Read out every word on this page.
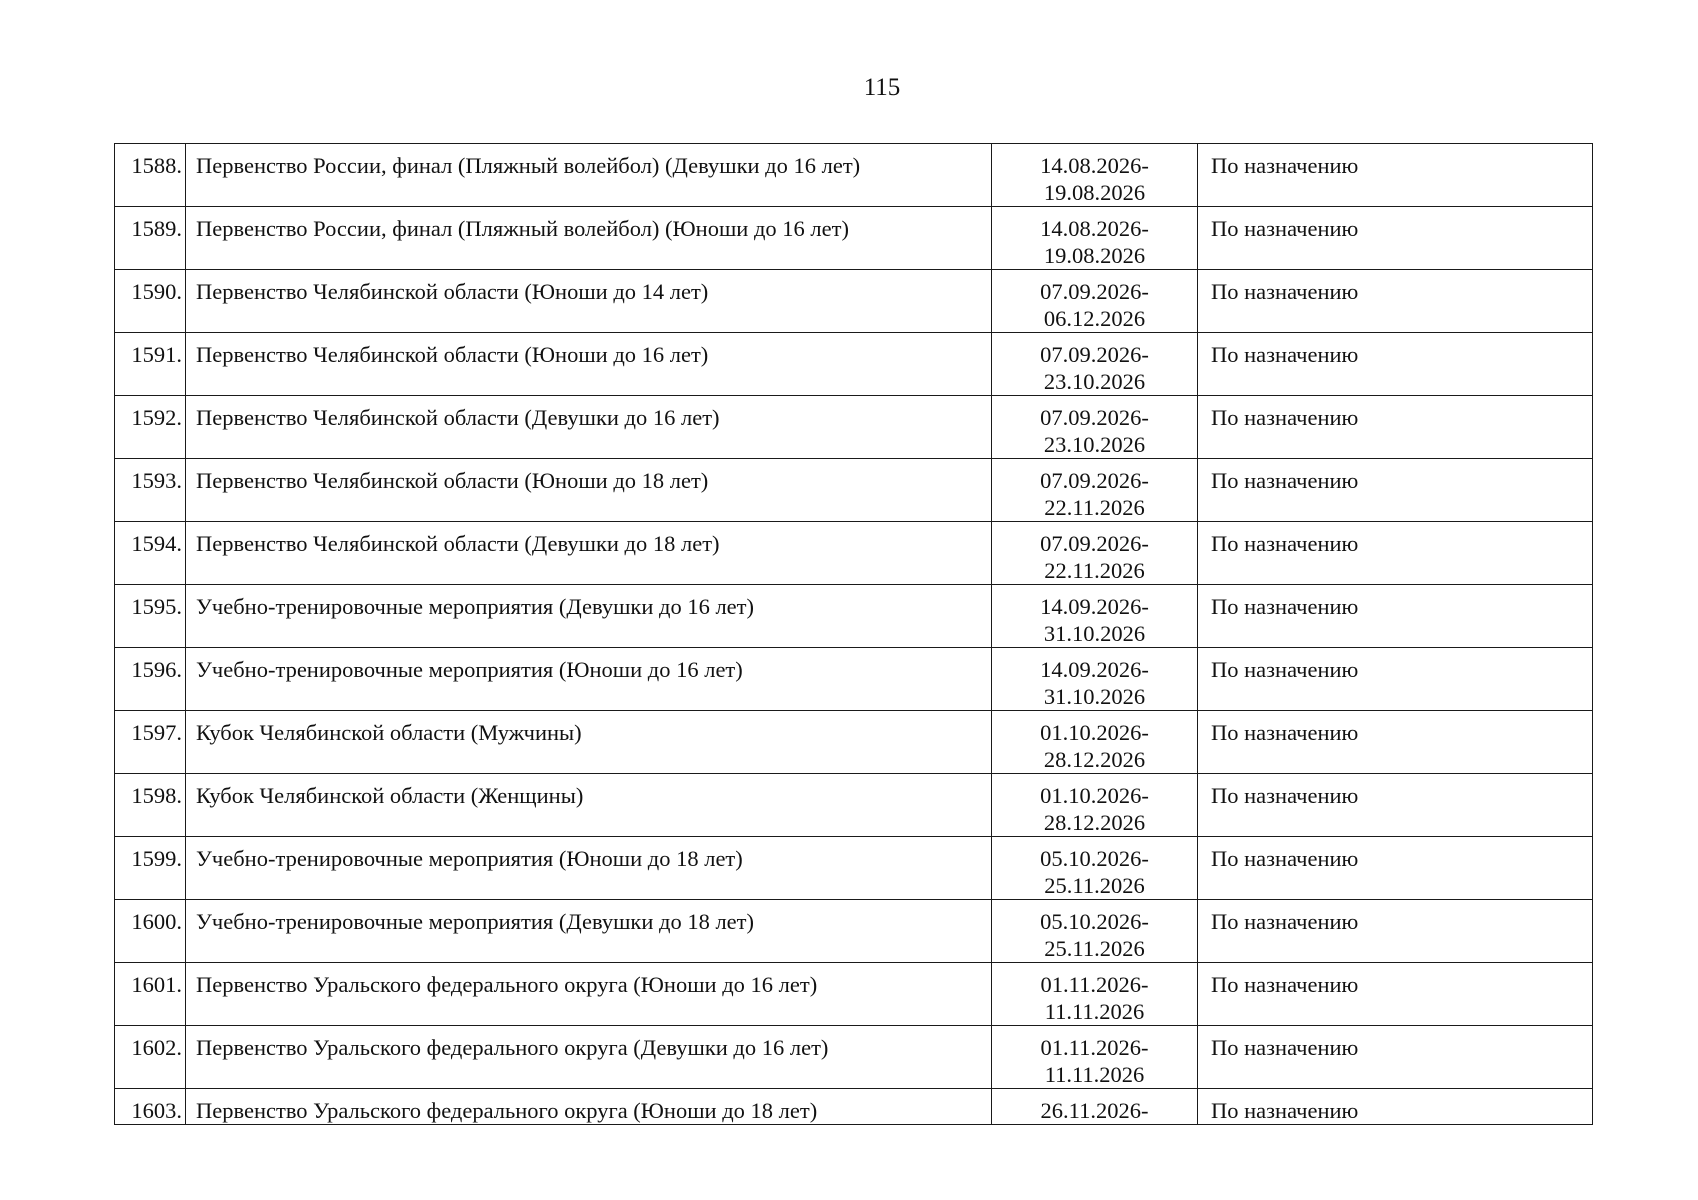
115
1588.	Первенство России, финал (Пляжный волейбол) (Девушки до 16 лет)	14.08.2026-
19.08.2026	По назначению
1589.	Первенство России, финал (Пляжный волейбол) (Юноши до 16 лет)	14.08.2026-
19.08.2026	По назначению
1590.	Первенство Челябинской области (Юноши до 14 лет)	07.09.2026-
06.12.2026	По назначению
1591.	Первенство Челябинской области (Юноши до 16 лет)	07.09.2026-
23.10.2026	По назначению
1592.	Первенство Челябинской области (Девушки до 16 лет)	07.09.2026-
23.10.2026	По назначению
1593.	Первенство Челябинской области (Юноши до 18 лет)	07.09.2026-
22.11.2026	По назначению
1594.	Первенство Челябинской области (Девушки до 18 лет)	07.09.2026-
22.11.2026	По назначению
1595.	Учебно-тренировочные мероприятия (Девушки до 16 лет)	14.09.2026-
31.10.2026	По назначению
1596.	Учебно-тренировочные мероприятия (Юноши до 16 лет)	14.09.2026-
31.10.2026	По назначению
1597.	Кубок Челябинской области (Мужчины)	01.10.2026-
28.12.2026	По назначению
1598.	Кубок Челябинской области (Женщины)	01.10.2026-
28.12.2026	По назначению
1599.	Учебно-тренировочные мероприятия (Юноши до 18 лет)	05.10.2026-
25.11.2026	По назначению
1600.	Учебно-тренировочные мероприятия (Девушки до 18 лет)	05.10.2026-
25.11.2026	По назначению
1601.	Первенство Уральского федерального округа (Юноши до 16 лет)	01.11.2026-
11.11.2026	По назначению
1602.	Первенство Уральского федерального округа (Девушки до 16 лет)	01.11.2026-
11.11.2026	По назначению
1603.	Первенство Уральского федерального округа (Юноши до 18 лет)	26.11.2026-	По назначению
